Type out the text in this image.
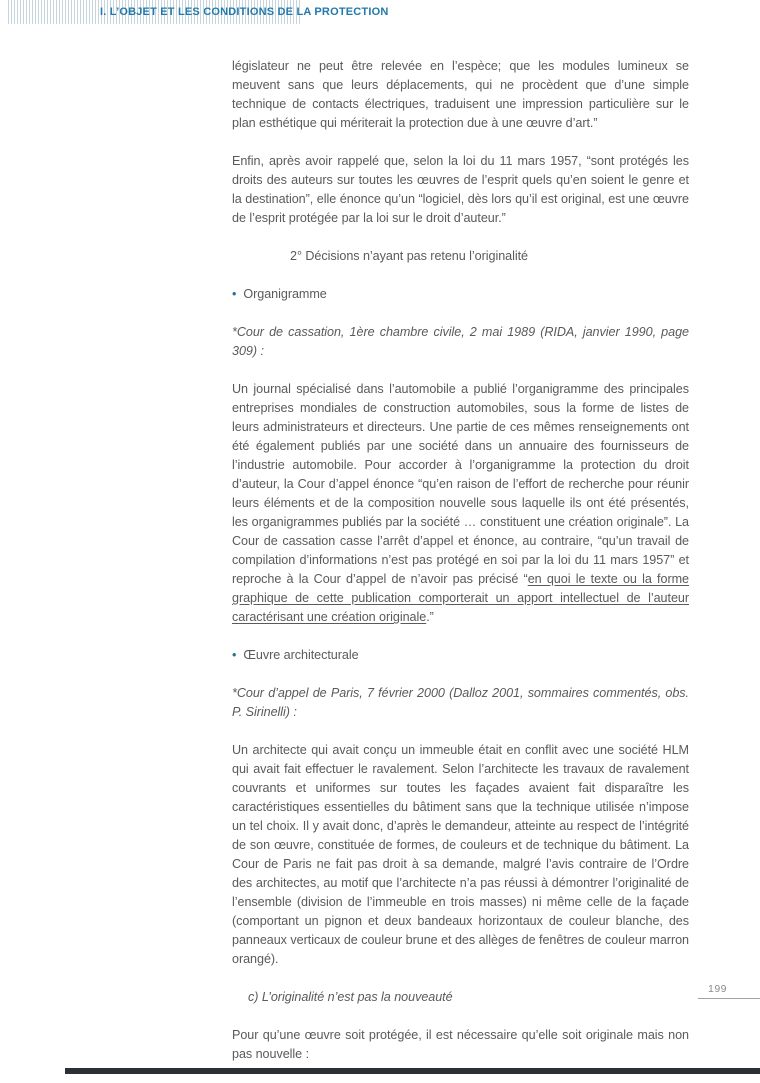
I. L’OBJET ET LES CONDITIONS DE LA PROTECTION

législateur ne peut être relevée en l’espèce; que les modules lumineux se meuvent sans que leurs déplacements, qui ne procèdent que d’une simple technique de contacts électriques, traduisent une impression particulière sur le plan esthétique qui mériterait la protection due à une œuvre d’art.”

Enfin, après avoir rappelé que, selon la loi du 11 mars 1957, “sont protégés les droits des auteurs sur toutes les œuvres de l’esprit quels qu’en soient le genre et la destination”, elle énonce qu’un “logiciel, dès lors qu’il est original, est une œuvre de l’esprit protégée par la loi sur le droit d’auteur.”

2° Décisions n’ayant pas retenu l’originalité
• Organigramme
*Cour de cassation, 1ère chambre civile, 2 mai 1989 (RIDA, janvier 1990, page 309) :

Un journal spécialisé dans l’automobile a publié l’organigramme des principales entreprises mondiales de construction automobiles, sous la forme de listes de leurs administrateurs et directeurs. Une partie de ces mêmes renseignements ont été également publiés par une société dans un annuaire des fournisseurs de l’industrie automobile. Pour accorder à l’organigramme la protection du droit d’auteur, la Cour d’appel énonce “qu’en raison de l’effort de recherche pour réunir leurs éléments et de la composition nouvelle sous laquelle ils ont été présentés, les organigrammes publiés par la société … constituent une création originale”. La Cour de cassation casse l’arrêt d’appel et énonce, au contraire, “qu’un travail de compilation d’informations n’est pas protégé en soi par la loi du 11 mars 1957” et reproche à la Cour d’appel de n’avoir pas précisé “en quoi le texte ou la forme graphique de cette publication comporterait un apport intellectuel de l’auteur caractérisant une création originale.”

• Œuvre architecturale
*Cour d’appel de Paris, 7 février 2000 (Dalloz 2001, sommaires commentés, obs. P. Sirinelli) :

Un architecte qui avait conçu un immeuble était en conflit avec une société HLM qui avait fait effectuer le ravalement. Selon l’architecte les travaux de ravalement couvrants et uniformes sur toutes les façades avaient fait disparaître les caractéristiques essentielles du bâtiment sans que la technique utilisée n’impose un tel choix. Il y avait donc, d’après le demandeur, atteinte au respect de l’intégrité de son œuvre, constituée de formes, de couleurs et de technique du bâtiment. La Cour de Paris ne fait pas droit à sa demande, malgré l’avis contraire de l’Ordre des architectes, au motif que l’architecte n’a pas réussi à démontrer l’originalité de l’ensemble (division de l’immeuble en trois masses) ni même celle de la façade (comportant un pignon et deux bandeaux horizontaux de couleur blanche, des panneaux verticaux de couleur brune et des allèges de fenêtres de couleur marron orangé).

c) L’originalité n’est pas la nouveauté

Pour qu’une œuvre soit protégée, il est nécessaire qu’elle soit originale mais non pas nouvelle :

199
